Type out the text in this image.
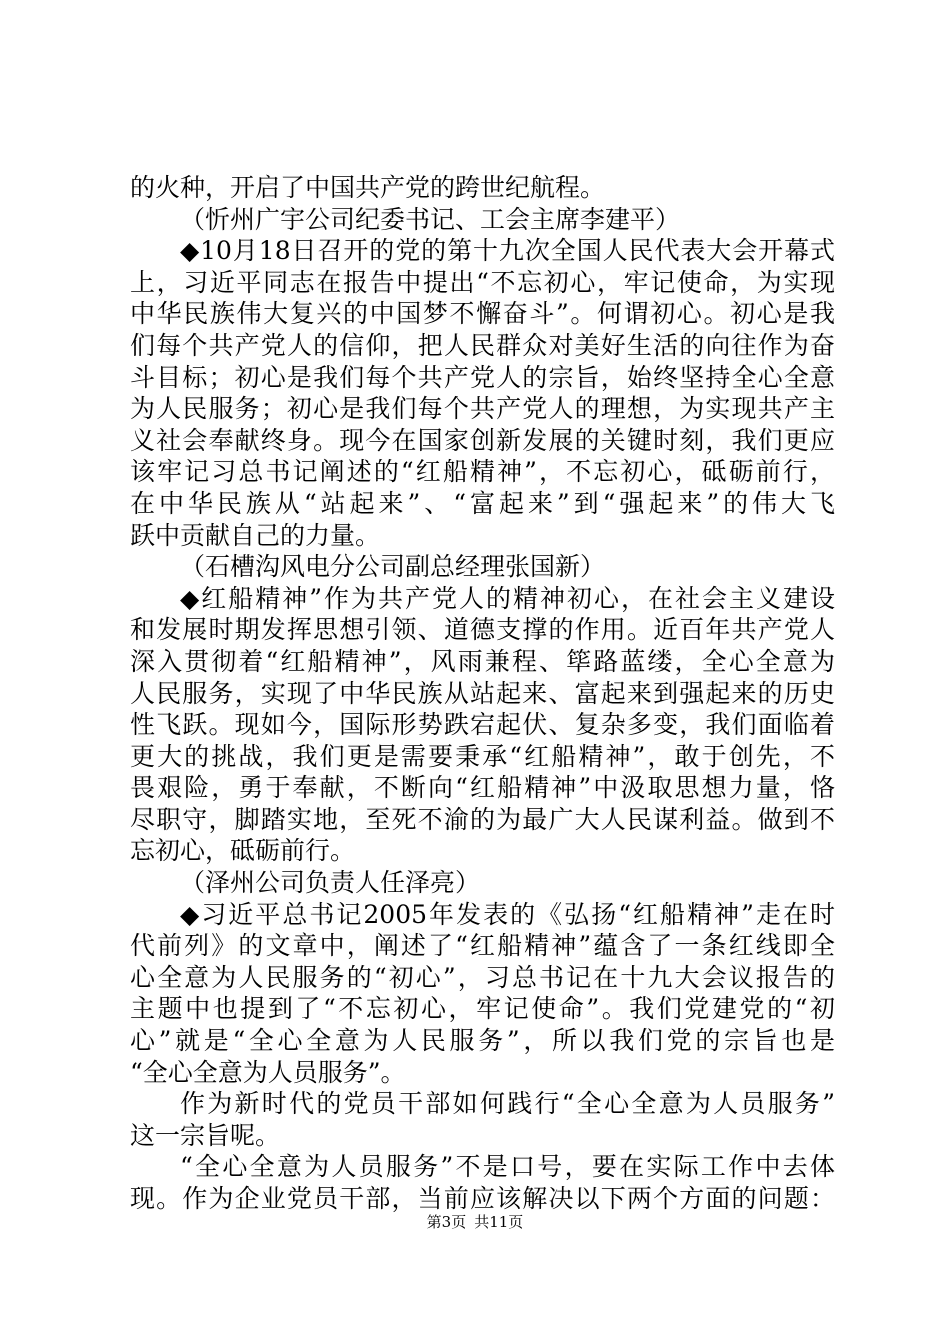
的火种，开启了中国共产党的跨世纪航程。
（忻州广宇公司纪委书记、工会主席李建平）
◆10月18日召开的党的第十九次全国人民代表大会开幕式
上，习近平同志在报告中提出“不忘初心，牢记使命，为实现
中华民族伟大复兴的中国梦不懈奋斗”。何谓初心。初心是我
们每个共产党人的信仰，把人民群众对美好生活的向往作为奋
斗目标；初心是我们每个共产党人的宗旨，始终坚持全心全意
为人民服务；初心是我们每个共产党人的理想，为实现共产主
义社会奉献终身。现今在国家创新发展的关键时刻，我们更应
该牢记习总书记阐述的“红船精神”，不忘初心，砥砺前行，
在中华民族从“站起来”、“富起来”到“强起来”的伟大飞
跃中贡献自己的力量。
（石槽沟风电分公司副总经理张国新）
◆红船精神”作为共产党人的精神初心，在社会主义建设
和发展时期发挥思想引领、道德支撑的作用。近百年共产党人
深入贯彻着“红船精神”，风雨兼程、筚路蓝缕，全心全意为
人民服务，实现了中华民族从站起来、富起来到强起来的历史
性飞跃。现如今，国际形势跌宕起伏、复杂多变，我们面临着
更大的挑战，我们更是需要秉承“红船精神”，敢于创先，不
畏艰险，勇于奉献，不断向“红船精神”中汲取思想力量，恪
尽职守，脚踏实地，至死不渝的为最广大人民谋利益。做到不
忘初心，砥砺前行。
（泽州公司负责人任泽亮）
◆习近平总书记2005年发表的《弘扬“红船精神”走在时
代前列》的文章中，阐述了“红船精神”蕴含了一条红线即全
心全意为人民服务的“初心”，习总书记在十九大会议报告的
主题中也提到了“不忘初心，牢记使命”。我们党建党的“初
心”就是“全心全意为人民服务”，所以我们党的宗旨也是
“全心全意为人员服务”。
作为新时代的党员干部如何践行“全心全意为人员服务”
这一宗旨呢。
“全心全意为人员服务”不是口号，要在实际工作中去体
现。作为企业党员干部，当前应该解决以下两个方面的问题：
第3页 共11页
